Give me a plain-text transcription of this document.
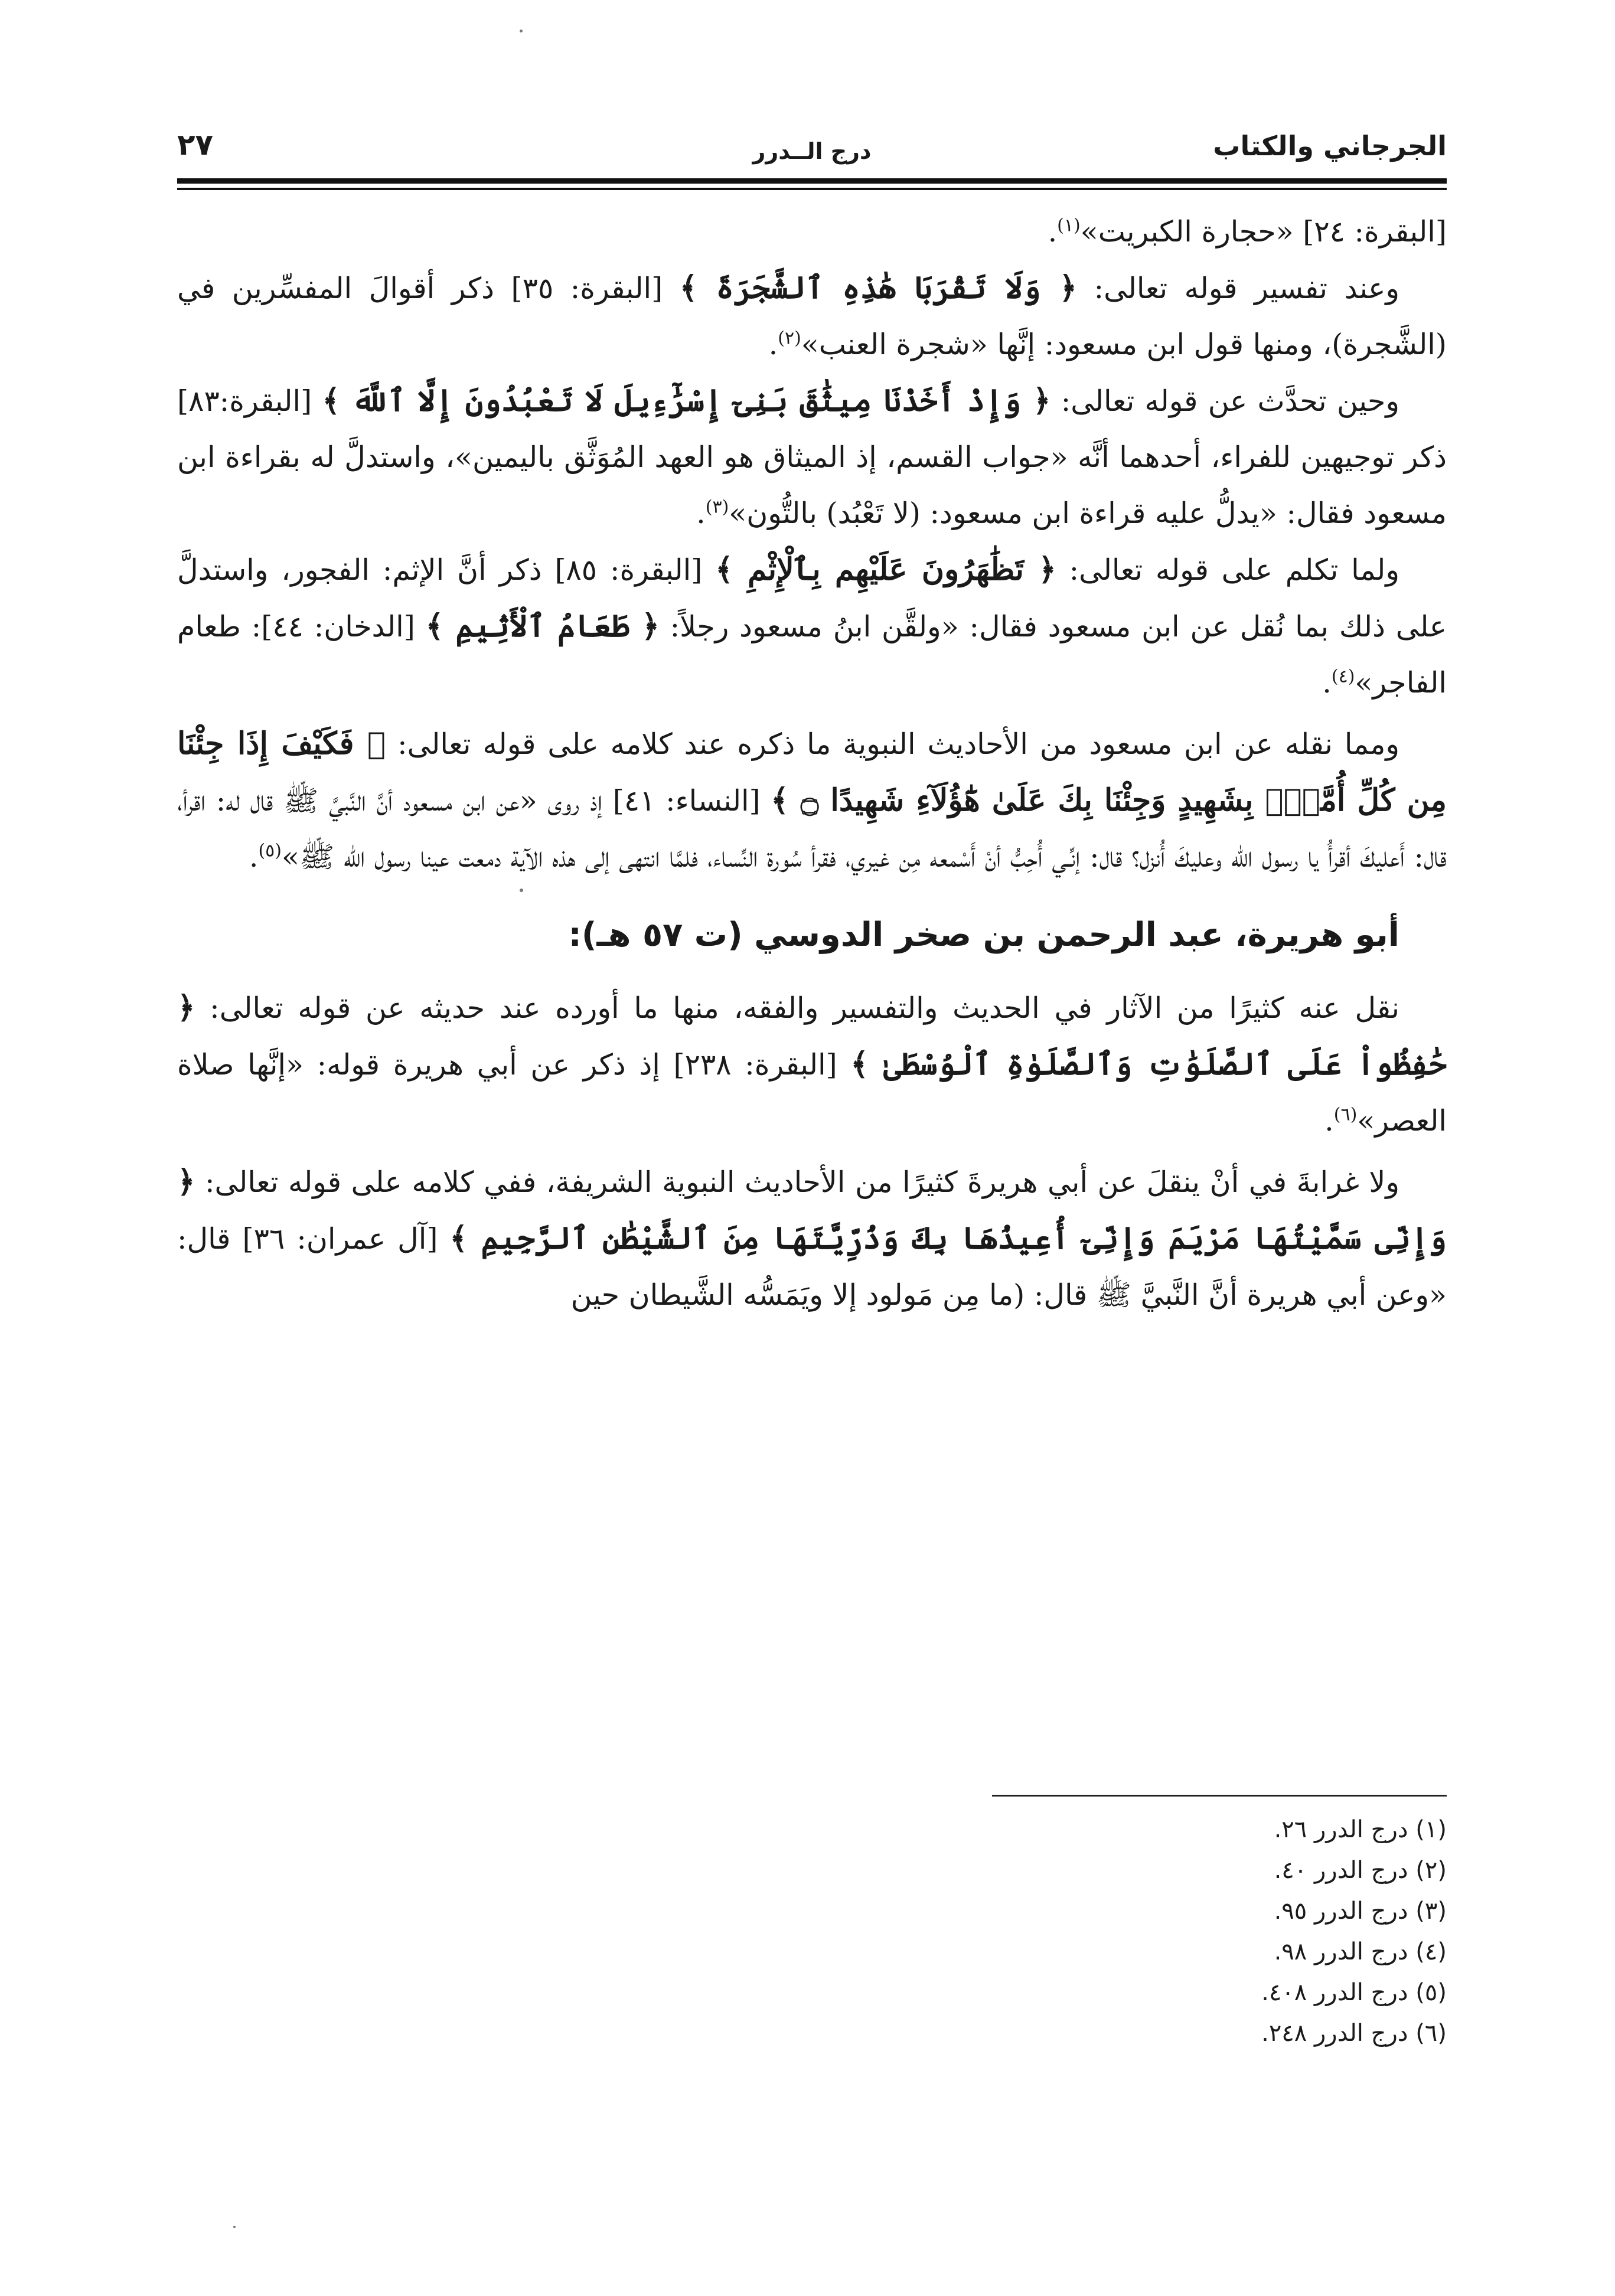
الجرجاني والكتاب
درج الــدرر
٢٧

[البقرة: ٢٤] «حجارة الكبريت»$^{(١)}$.

وعند تفسير قوله تعالى: ﴿ وَلَا تَقْرَبَا هَٰذِهِ ٱلشَّجَرَةَ ﴾ [البقرة: ٣٥] ذكر أقوالَ المفسِّرين في (الشَّجرة)، ومنها قول ابن مسعود: إنَّها «شجرة العنب»$^{(٢)}$.

وحين تحدَّث عن قوله تعالى: ﴿ وَإِذْ أَخَذْنَا مِيثَٰقَ بَنِىٓ إِسْرَٰٓءِيلَ لَا تَعْبُدُونَ إِلَّا ٱللَّهَ ﴾ [البقرة:٨٣] ذكر توجيهين للفراء، أحدهما أنَّه «جواب القسم، إذ الميثاق هو العهد المُوَثَّق باليمين»، واستدلَّ له بقراءة ابن مسعود فقال: «يدلُّ عليه قراءة ابن مسعود: (لا تَعْبُد) بالتُّون»$^{(٣)}$.

ولما تكلم على قوله تعالى: ﴿ تَظَٰهَرُونَ عَلَيْهِم بِٱلْإِثْمِ ﴾ [البقرة: ٨٥] ذكر أنَّ الإثم: الفجور، واستدلَّ على ذلك بما نُقل عن ابن مسعود فقال: «ولقَّن ابنُ مسعود رجلاً: ﴿ طَعَامُ ٱلْأَثِيمِ ﴾ [الدخان: ٤٤]: طعام الفاجر»$^{(٤)}$.

ومما نقله عن ابن مسعود من الأحاديث النبوية ما ذكره عند كلامه على قوله تعالى: ﴿ فَكَيْفَ إِذَا جِئْنَا مِن كُلِّ أُمَّةٍۭ بِشَهِيدٍ وَجِئْنَا بِكَ عَلَىٰ هَٰٓؤُلَآءِ شَهِيدًا ۝ ﴾ [النساء: ٤١] إذ روى «عن ابن مسعود أنَّ النَّبيَّ ﷺ قال له: اقرأ، قال: أَعليكَ أقرأُ يا رسول الله وعليكَ أُنزل؟ قال: إنِّـي أُحِبُّ أنْ أَسْمعه مِن غيري، فقرأ سُورة النِّساء، فلمَّا انتهى إلى هذه الآية دمعت عينا رسول الله ﷺ»$^{(٥)}$.

أبو هريرة، عبد الرحمن بن صخر الدوسي (ت ٥٧ هـ):

نقل عنه كثيرًا من الآثار في الحديث والتفسير والفقه، منها ما أورده عند حديثه عن قوله تعالى: ﴿ حَٰفِظُواْ عَلَى ٱلصَّلَوَٰتِ وَٱلصَّلَوٰةِ ٱلْوُسْطَىٰ ﴾ [البقرة: ٢٣٨] إذ ذكر عن أبي هريرة قوله: «إنَّها صلاة العصر»$^{(٦)}$.

ولا غرابةَ في أنْ ينقلَ عن أبي هريرةَ كثيرًا من الأحاديث النبوية الشريفة، ففي كلامه على قوله تعالى: ﴿ وَإِنِّى سَمَّيْتُهَا مَرْيَمَ وَإِنِّىٓ أُعِيذُهَا بِكَ وَذُرِّيَّتَهَا مِنَ ٱلشَّيْطَٰنِ ٱلرَّجِيمِ ﴾ [آل عمران: ٣٦] قال: «وعن أبي هريرة أنَّ النَّبيَّ ﷺ قال: (ما مِن مَولود إلا ويَمَسُّه الشَّيطان حين

(١) درج الدرر ٢٦.
(٢) درج الدرر ٤٠.
(٣) درج الدرر ٩٥.
(٤) درج الدرر ٩٨.
(٥) درج الدرر ٤٠٨.
(٦) درج الدرر ٢٤٨.
